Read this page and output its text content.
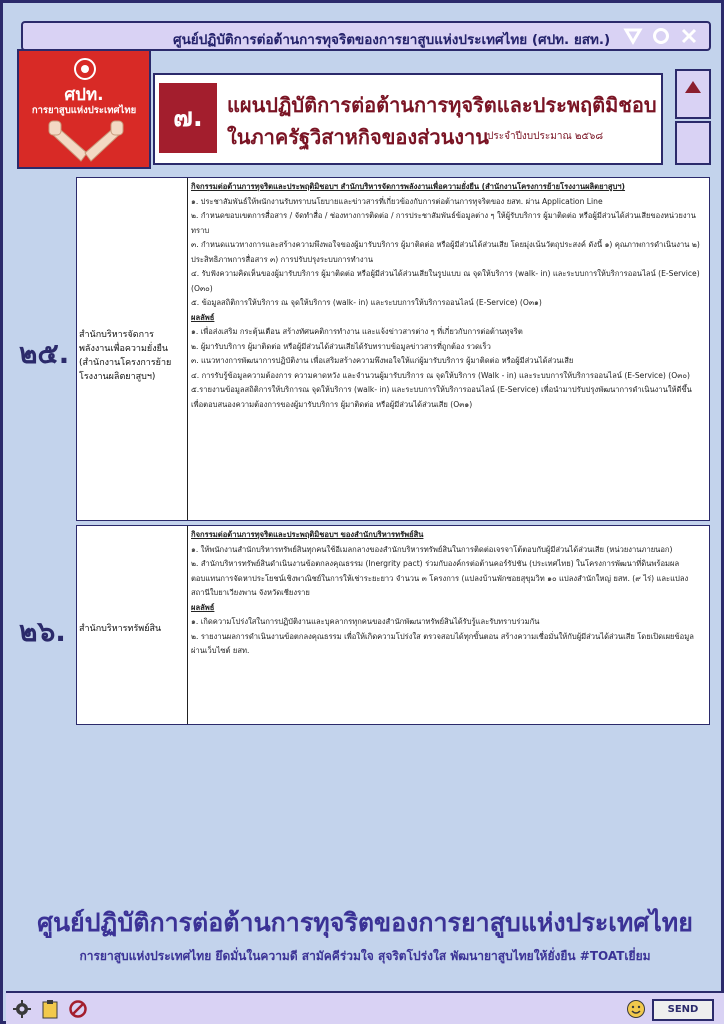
ศูนย์ปฏิบัติการต่อต้านการทุจริตของการยาสูบแห่งประเทศไทย (ศปท. ยสท.)
ศปท.
การยาสูบแห่งประเทศไทย	๗.	แผนปฏิบัติการต่อต้านการทุจริตและประพฤติมิชอบ
ในภาครัฐวิสาหกิจของส่วนงาน
ประจำปีงบประมาณ ๒๕๖๘
๒๕.
สำนักบริหารจัดการพลังงานเพื่อความยั่งยืน (สำนักงานโครงการย้ายโรงงานผลิตยาสูบฯ)

กิจกรรมต่อต้านการทุจริตและประพฤติมิชอบฯ สำนักบริหารจัดการพลังงานเพื่อความยั่งยืน (สำนักงานโครงการย้ายโรงงานผลิตยาสูบฯ)

๑. ประชาสัมพันธ์ให้พนักงานรับทราบนโยบายและข่าวสารที่เกี่ยวข้องกับการต่อต้านการทุจริตของ ยสท. ผ่าน Application Line

๒. กำหนดขอบเขตการสื่อสาร / จัดทำสื่อ / ช่องทางการติดต่อ / การประชาสัมพันธ์ข้อมูลต่าง ๆ ให้ผู้รับบริการ ผู้มาติดต่อ หรือผู้มีส่วนได้ส่วนเสียของหน่วยงานทราบ

๓. กำหนดแนวทางการและสร้างความพึงพอใจของผู้มารับบริการ ผู้มาติดต่อ หรือผู้มีส่วนได้ส่วนเสีย โดยมุ่งเน้นวัตถุประสงค์ ดังนี้ ๑) คุณภาพการดำเนินงาน ๒) ประสิทธิภาพการสื่อสาร ๓) การปรับปรุงระบบการทำงาน

๔. รับฟังความคิดเห็นของผู้มารับบริการ ผู้มาติดต่อ หรือผู้มีส่วนได้ส่วนเสียในรูปแบบ ณ จุดให้บริการ (walk- in) และระบบการให้บริการออนไลน์ (E-Service) (O๓๐)

๕. ข้อมูลสถิติการให้บริการ ณ จุดให้บริการ (walk- in) และระบบการให้บริการออนไลน์ (E-Service) (O๓๑)

ผลลัพธ์

๑. เพื่อส่งเสริม กระตุ้นเตือน สร้างทัศนคติการทำงาน และแจ้งข่าวสารต่าง ๆ ที่เกี่ยวกับการต่อต้านทุจริต

๒. ผู้มารับบริการ ผู้มาติดต่อ หรือผู้มีส่วนได้ส่วนเสียได้รับทราบข้อมูลข่าวสารที่ถูกต้อง รวดเร็ว

๓. แนวทางการพัฒนาการปฏิบัติงาน เพื่อเสริมสร้างความพึงพอใจให้แก่ผู้มารับบริการ ผู้มาติดต่อ หรือผู้มีส่วนได้ส่วนเสีย

๔. การรับรู้ข้อมูลความต้องการ ความคาดหวัง และจำนวนผู้มารับบริการ ณ จุดให้บริการ (Walk - in) และระบบการให้บริการออนไลน์ (E-Service) (O๓๐)

๕.รายงานข้อมูลสถิติการให้บริการณ จุดให้บริการ (walk- in) และระบบการให้บริการออนไลน์ (E-Service) เพื่อนำมาปรับปรุงพัฒนาการดำเนินงานให้ดีขึ้น เพื่อตอบสนองความต้องการของผู้มารับบริการ ผู้มาติดต่อ หรือผู้มีส่วนได้ส่วนเสีย (O๓๑)

๒๖. สำนักบริหารทรัพย์สิน

กิจกรรมต่อต้านการทุจริตและประพฤติมิชอบฯ ของสำนักบริหารทรัพย์สิน

๑. ให้พนักงานสำนักบริหารทรัพย์สินทุกคนใช้อีเมลกลางของสำนักบริหารทรัพย์สินในการติดต่อเจรจาโต้ตอบกับผู้มีส่วนได้ส่วนเสีย (หน่วยงานภายนอก)

๒. สำนักบริหารทรัพย์สินดำเนินงานข้อตกลงคุณธรรม (Inergrity pact) ร่วมกับองค์กรต่อต้านคอร์รัปชัน (ประเทศไทย) ในโครงการพัฒนาที่ดินพร้อมผลตอบแทนการจัดหาประโยชน์เชิงพาณิชย์ในการให้เช่าระยะยาว จำนวน ๓ โครงการ (แปลงบ้านพักซอยสุขุมวิท ๑๐ แปลงสำนักใหญ่ ยสท. (๙ ไร่) และแปลงสถานีใบยาเวียงพาน จังหวัดเชียงราย

ผลลัพธ์

๑. เกิดความโปร่งใสในการปฏิบัติงานและบุคลากรทุกคนของสำนักพัฒนาทรัพย์สินได้รับรู้และรับทราบร่วมกัน

๒. รายงานผลการดำเนินงานข้อตกลงคุณธรรม เพื่อให้เกิดความโปร่งใส ตรวจสอบได้ทุกขั้นตอน สร้างความเชื่อมั่นให้กับผู้มีส่วนได้ส่วนเสีย โดยเปิดเผยข้อมูลผ่านเว็บไซต์ ยสท.

ศูนย์ปฏิบัติการต่อต้านการทุจริตของการยาสูบแห่งประเทศไทย
การยาสูบแห่งประเทศไทย ยึดมั่นในความดี สามัคคีร่วมใจ สุจริตโปร่งใส พัฒนายาสูบไทยให้ยั่งยืน #TOATเยี่ยม
SEND
